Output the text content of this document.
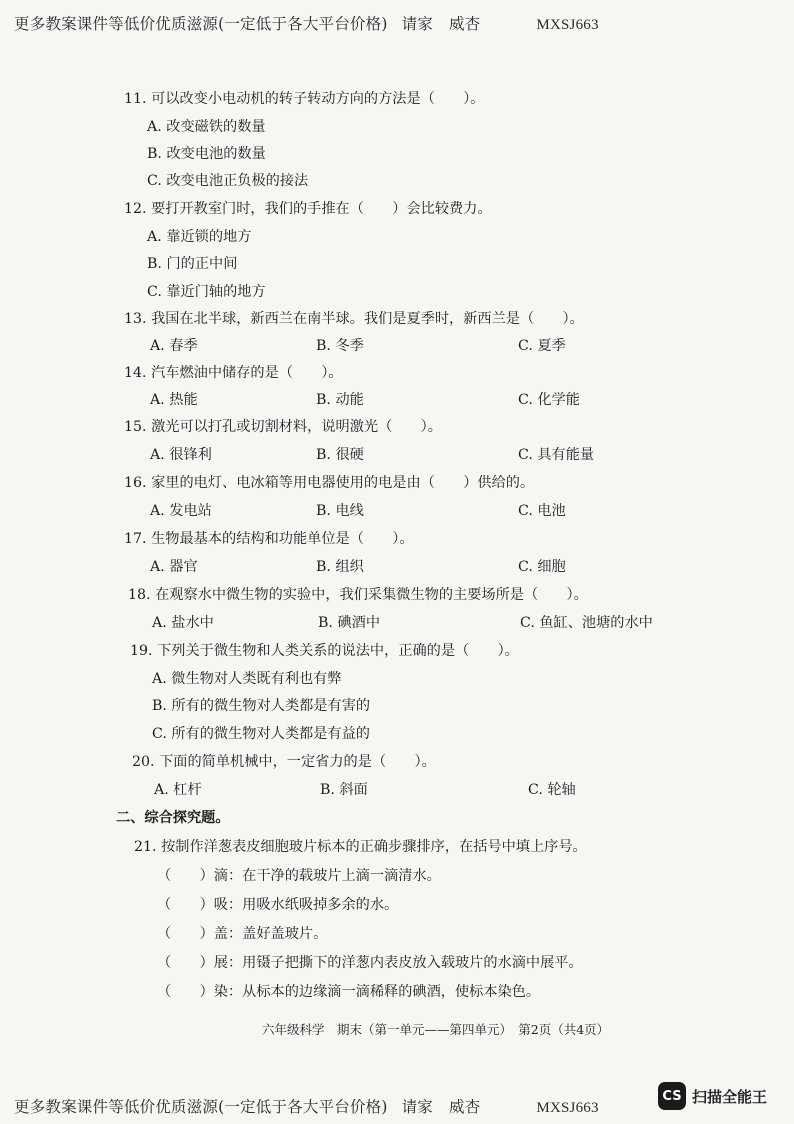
更多教案课件等低价优质滋源(一定低于各大平台价格) 请家 威杏	MXSJ663
11. 可以改变小电动机的转子转动方向的方法是（　　）。
A. 改变磁铁的数量
B. 改变电池的数量
C. 改变电池正负极的接法
12. 要打开教室门时，我们的手推在（　　）会比较费力。
A. 靠近锁的地方
B. 门的正中间
C. 靠近门轴的地方
13. 我国在北半球，新西兰在南半球。我们是夏季时，新西兰是（　　）。
A. 春季	B. 冬季	C. 夏季
14. 汽车燃油中储存的是（　　）。
A. 热能	B. 动能	C. 化学能
15. 激光可以打孔或切割材料，说明激光（　　）。
A. 很锋利	B. 很硬	C. 具有能量
16. 家里的电灯、电冰箱等用电器使用的电是由（　　）供给的。
A. 发电站	B. 电线	C. 电池
17. 生物最基本的结构和功能单位是（　　）。
A. 器官	B. 组织	C. 细胞
18. 在观察水中微生物的实验中，我们采集微生物的主要场所是（　　）。
A. 盐水中	B. 碘酒中	C. 鱼缸、池塘的水中
19. 下列关于微生物和人类关系的说法中，正确的是（　　）。
A. 微生物对人类既有利也有弊
B. 所有的微生物对人类都是有害的
C. 所有的微生物对人类都是有益的
20. 下面的简单机械中，一定省力的是（　　）。
A. 杠杆	B. 斜面	C. 轮轴
二、综合探究题。
21. 按制作洋葱表皮细胞玻片标本的正确步骤排序，在括号中填上序号。
（　　）滴：在干净的载玻片上滴一滴清水。
（　　）吸：用吸水纸吸掉多余的水。
（　　）盖：盖好盖玻片。
（　　）展：用镊子把撕下的洋葱内表皮放入载玻片的水滴中展平。
（　　）染：从标本的边缘滴一滴稀释的碘酒，使标本染色。
六年级科学　期末（第一单元——第四单元）　第2页（共4页）
更多教案课件等低价优质滋源(一定低于各大平台价格) 请家 威杏	MXSJ663
CS 扫描全能王
